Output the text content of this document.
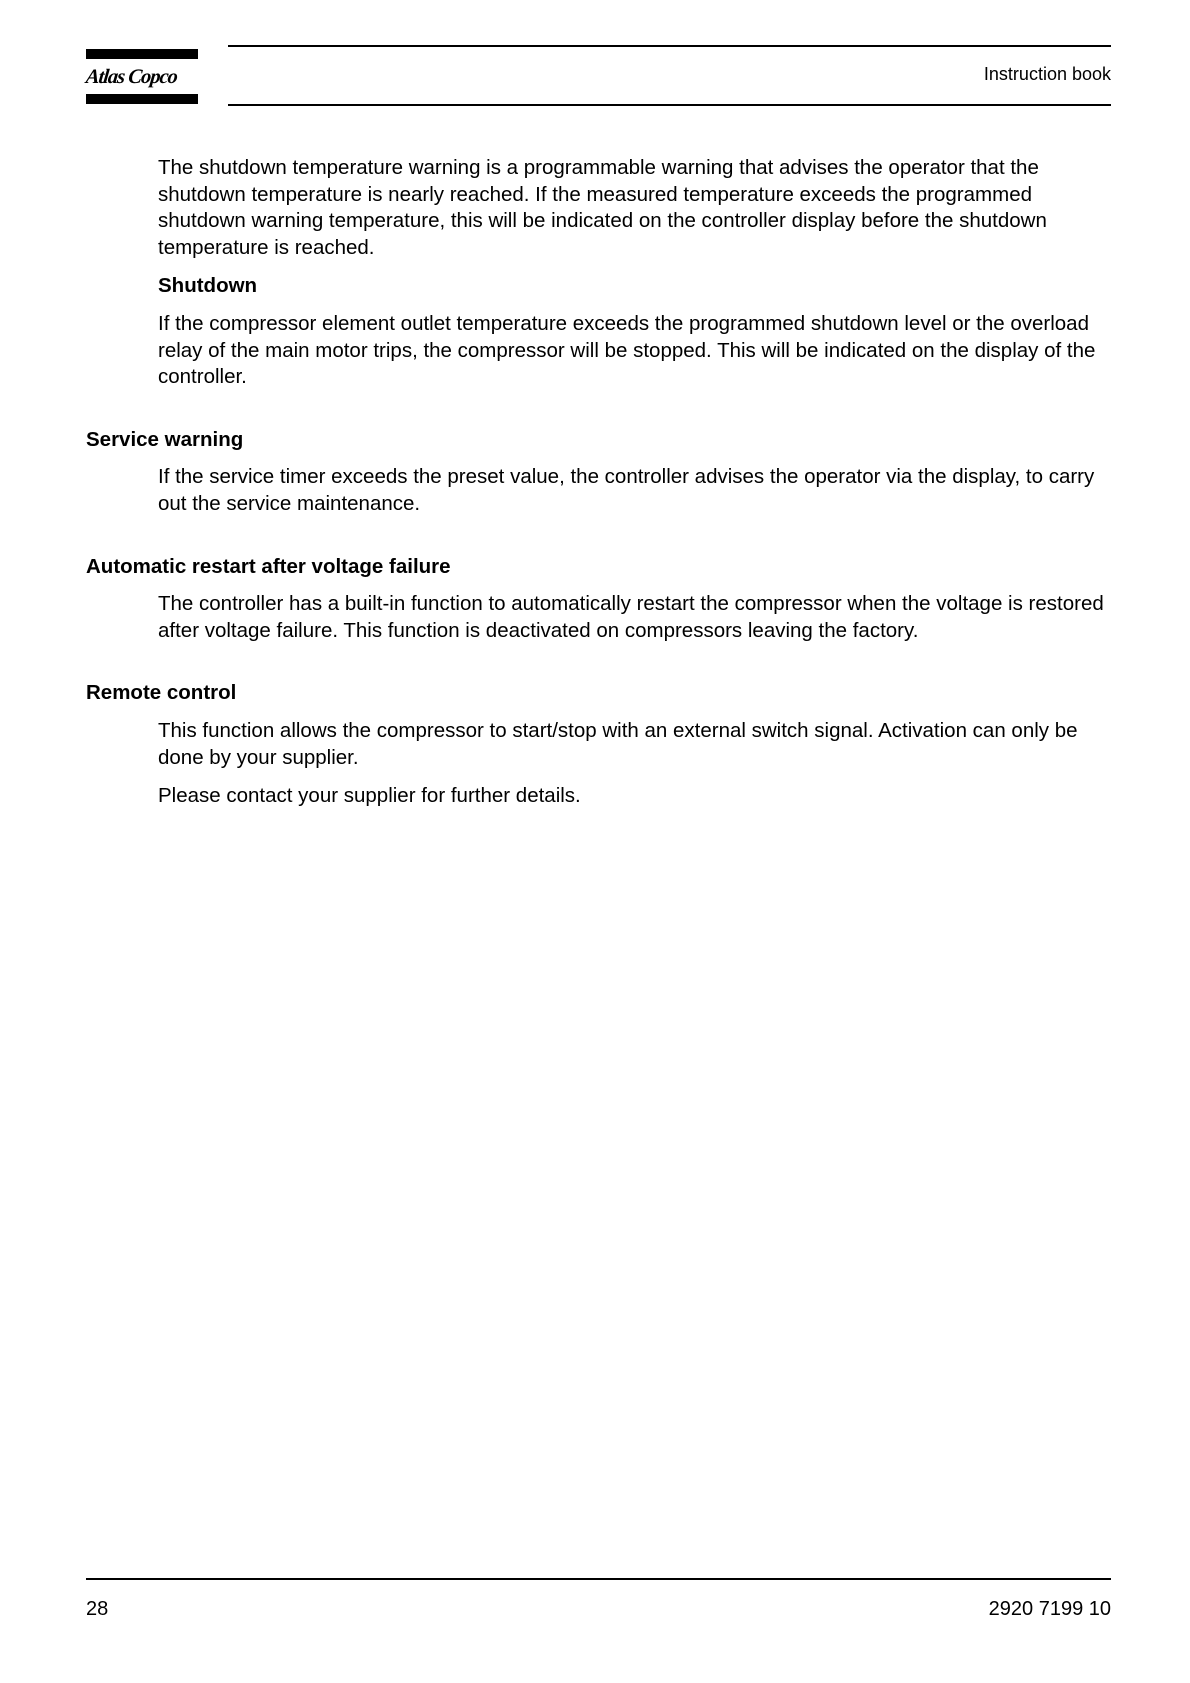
Atlas Copco	Instruction book

The shutdown temperature warning is a programmable warning that advises the operator that the shutdown temperature is nearly reached. If the measured temperature exceeds the programmed shutdown warning temperature, this will be indicated on the controller display before the shutdown temperature is reached.

Shutdown

If the compressor element outlet temperature exceeds the programmed shutdown level or the overload relay of the main motor trips, the compressor will be stopped. This will be indicated on the display of the controller.

Service warning

If the service timer exceeds the preset value, the controller advises the operator via the display, to carry out the service maintenance.

Automatic restart after voltage failure

The controller has a built-in function to automatically restart the compressor when the voltage is restored after voltage failure. This function is deactivated on compressors leaving the factory.

Remote control

This function allows the compressor to start/stop with an external switch signal. Activation can only be done by your supplier.

Please contact your supplier for further details.

28	2920 7199 10
